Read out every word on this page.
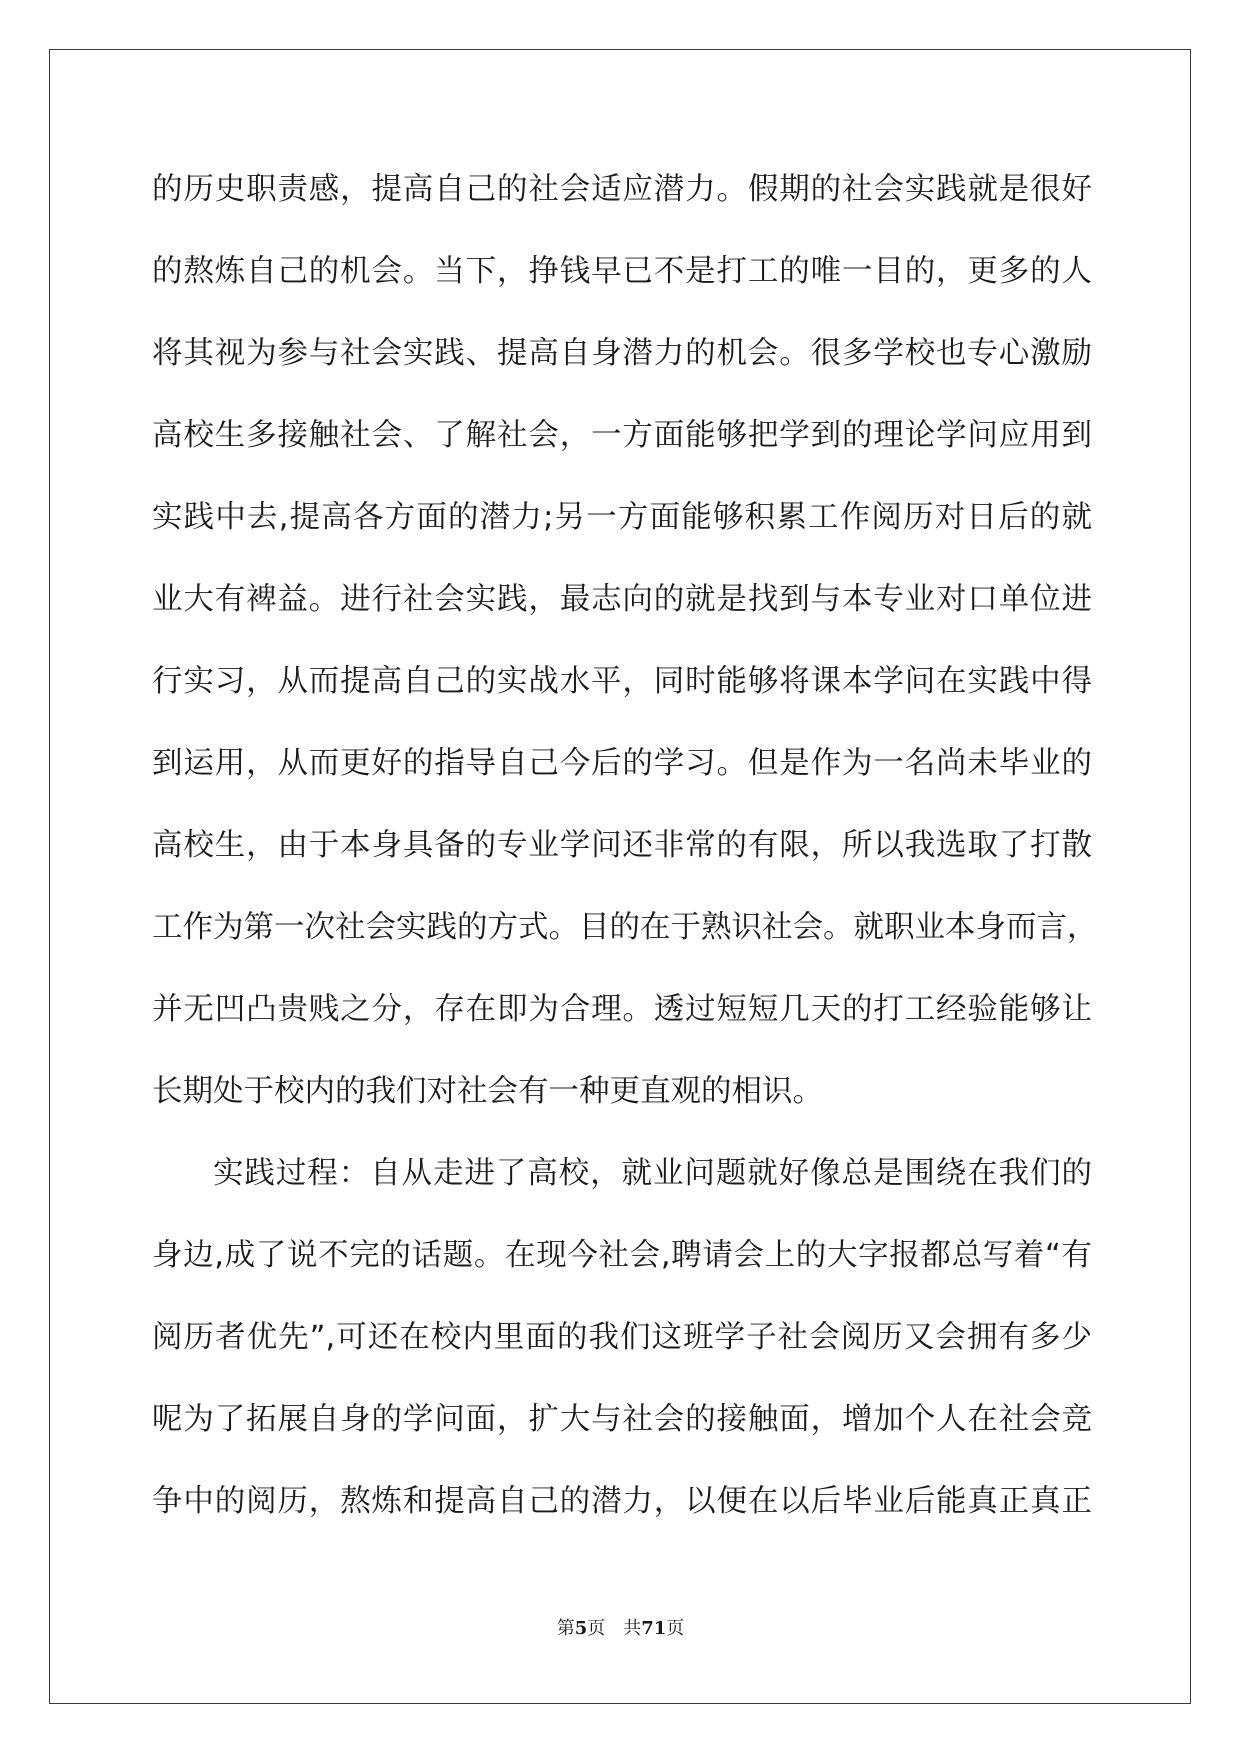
的历史职责感，提高自己的社会适应潜力。假期的社会实践就是很好
的熬炼自己的机会。当下，挣钱早已不是打工的唯一目的，更多的人
将其视为参与社会实践、提高自身潜力的机会。很多学校也专心激励
高校生多接触社会、了解社会，一方面能够把学到的理论学问应用到
实践中去,提高各方面的潜力;另一方面能够积累工作阅历对日后的就
业大有裨益。进行社会实践，最志向的就是找到与本专业对口单位进
行实习，从而提高自己的实战水平，同时能够将课本学问在实践中得
到运用，从而更好的指导自己今后的学习。但是作为一名尚未毕业的
高校生，由于本身具备的专业学问还非常的有限，所以我选取了打散
工作为第一次社会实践的方式。目的在于熟识社会。就职业本身而言，
并无凹凸贵贱之分，存在即为合理。透过短短几天的打工经验能够让
长期处于校内的我们对社会有一种更直观的相识。
实践过程：自从走进了高校，就业问题就好像总是围绕在我们的
身边,成了说不完的话题。在现今社会,聘请会上的大字报都总写着“有
阅历者优先”,可还在校内里面的我们这班学子社会阅历又会拥有多少
呢为了拓展自身的学问面，扩大与社会的接触面，增加个人在社会竞
争中的阅历，熬炼和提高自己的潜力，以便在以后毕业后能真正真正
第5页 共71页
